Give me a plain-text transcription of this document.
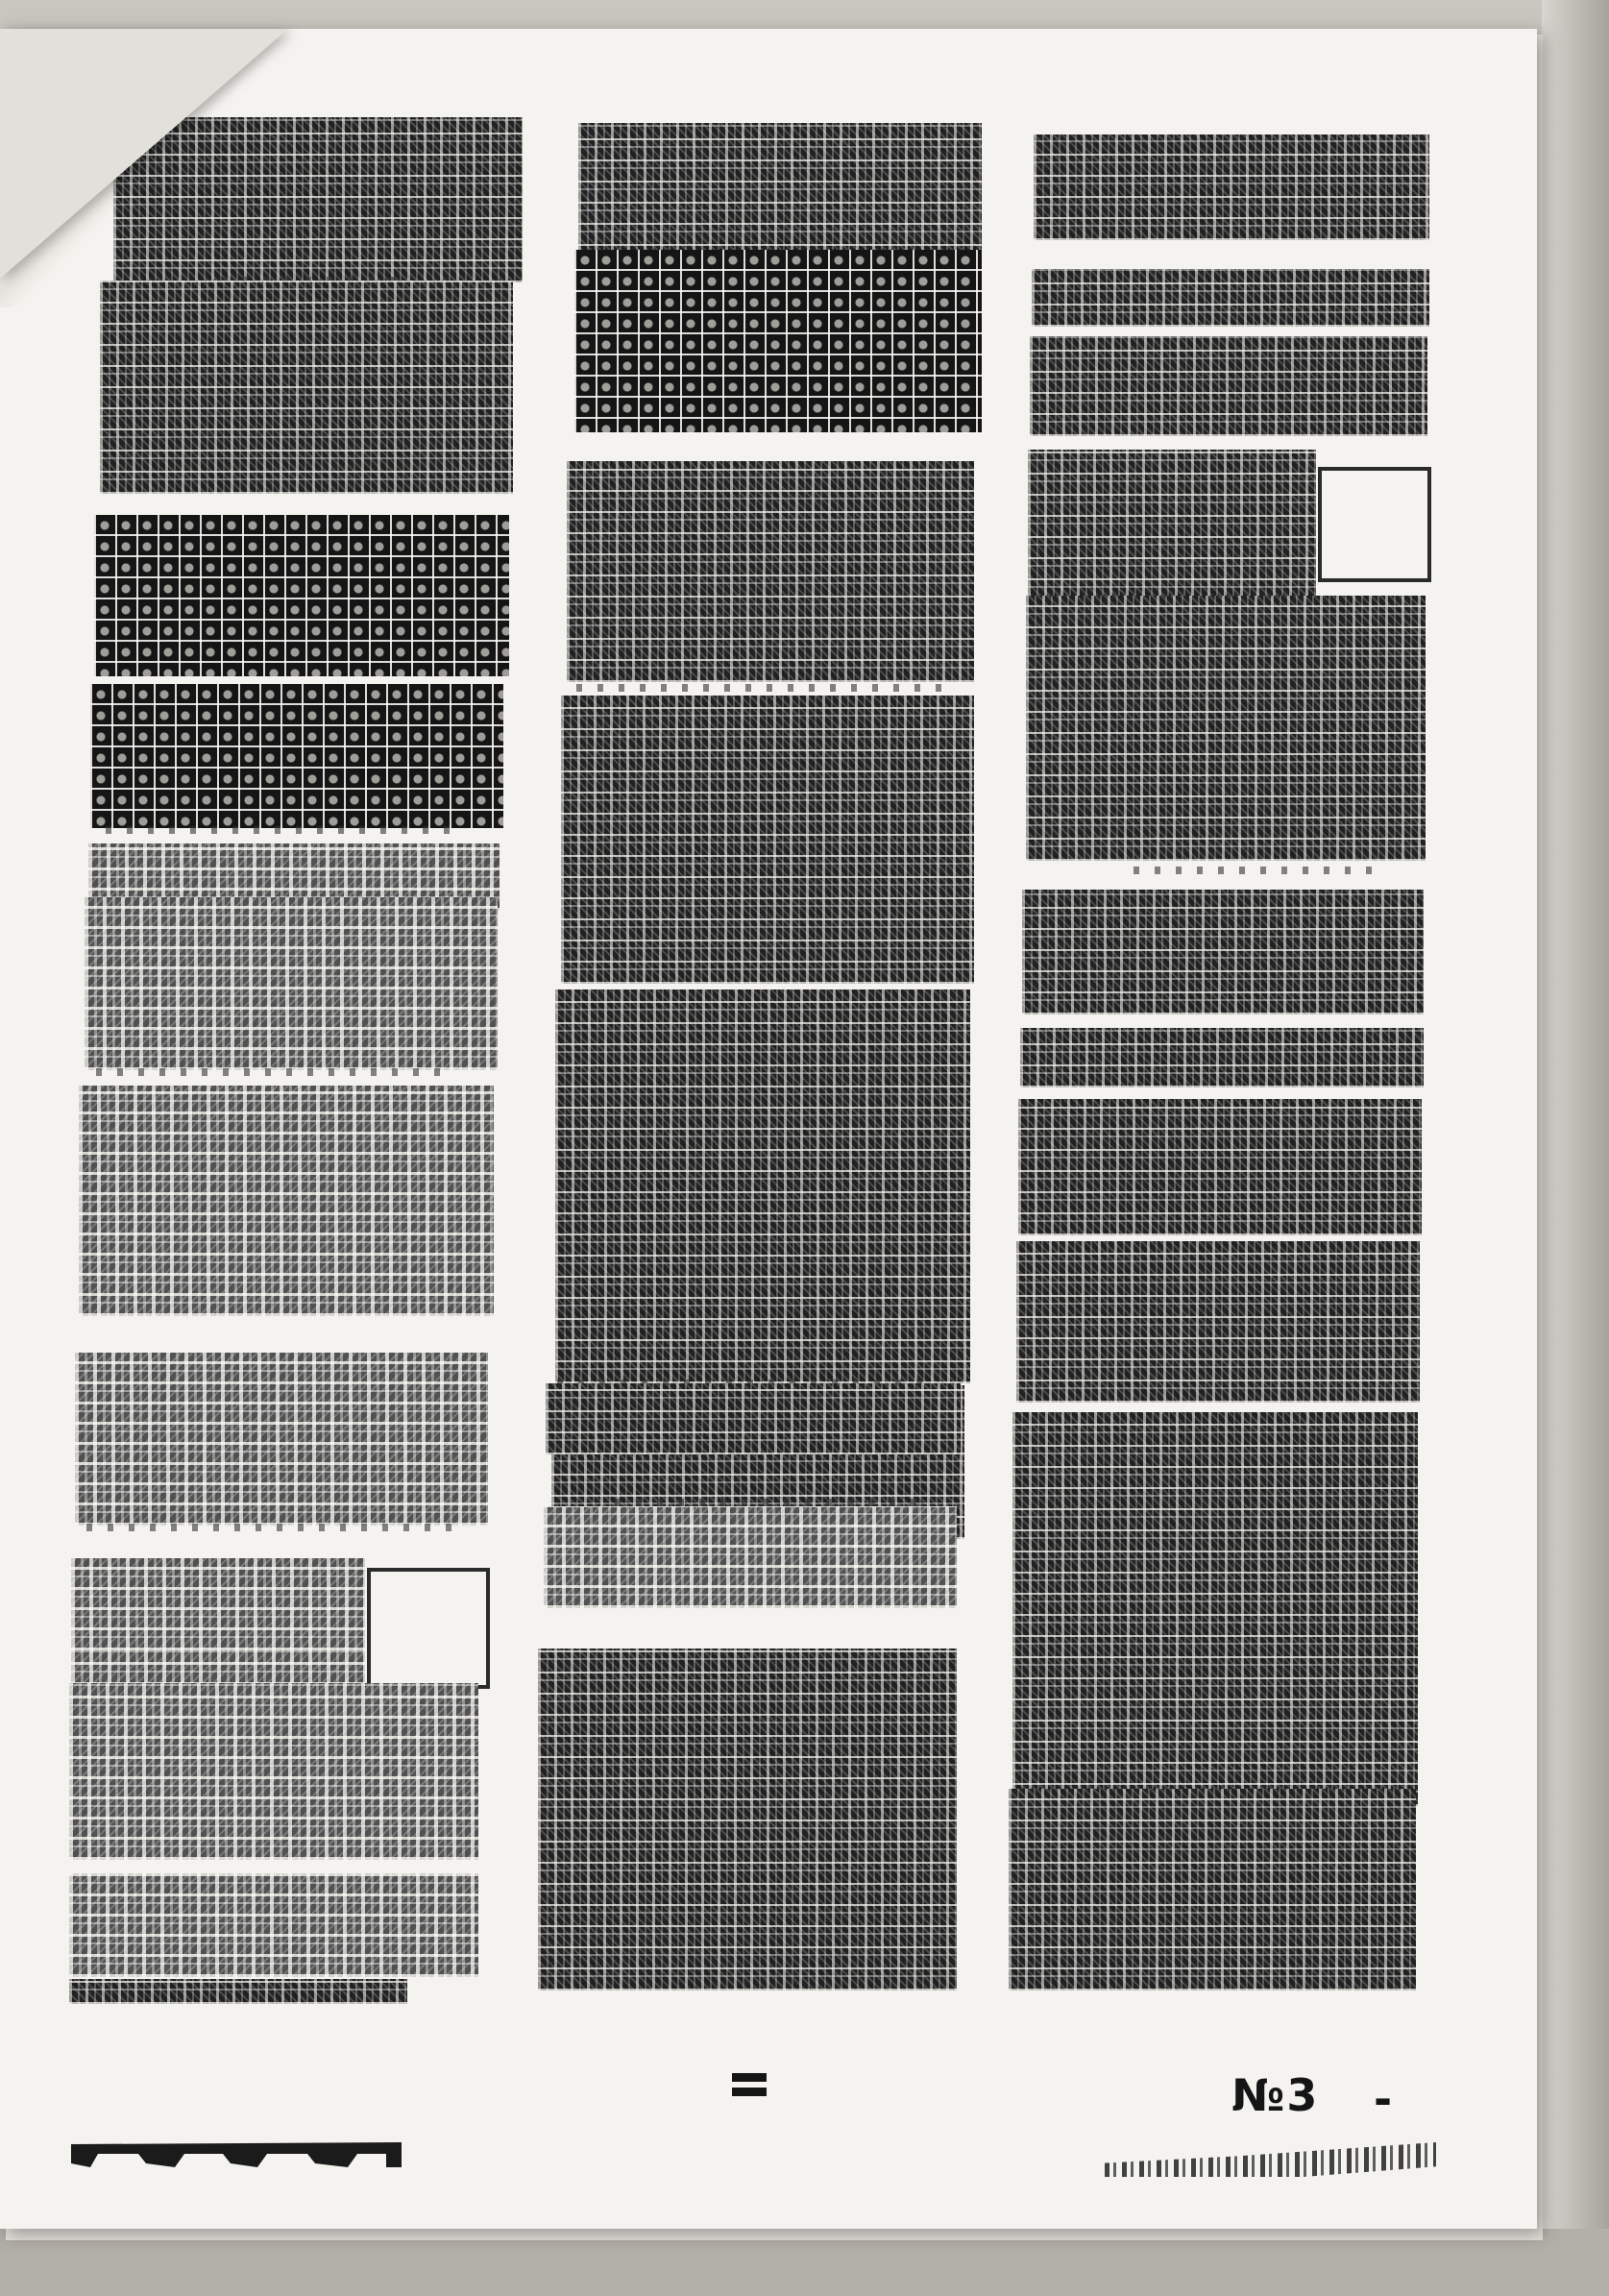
№3 -
